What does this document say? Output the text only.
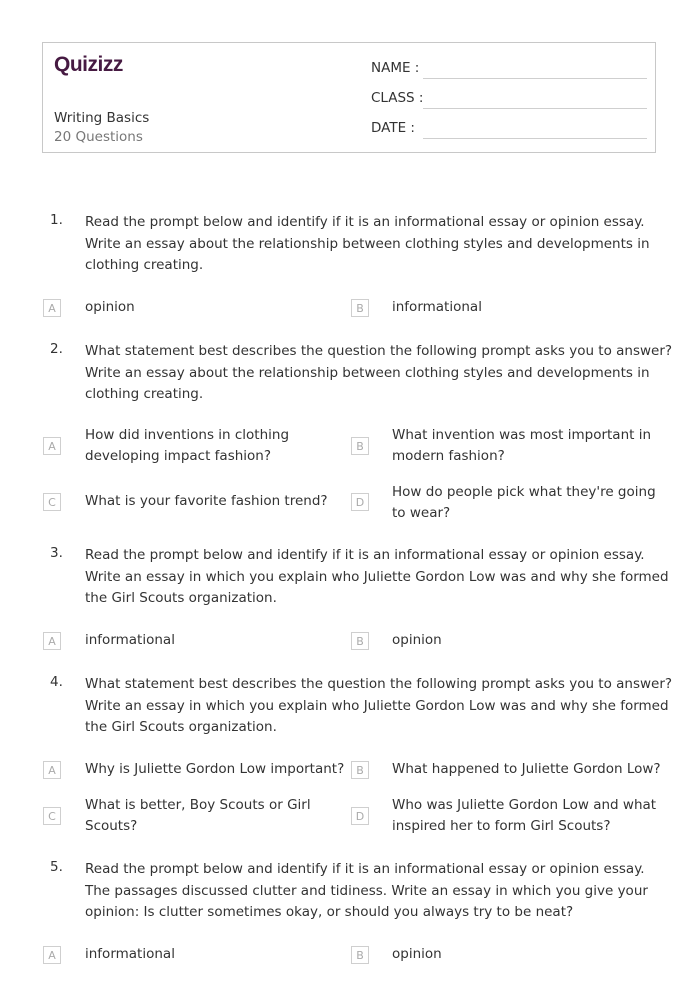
Quizizz
Writing Basics
20 Questions
NAME :
CLASS :
DATE :
1. Read the prompt below and identify if it is an informational essay or opinion essay.
Write an essay about the relationship between clothing styles and developments in
clothing creating.
A	opinion	B	informational
2. What statement best describes the question the following prompt asks you to answer?
Write an essay about the relationship between clothing styles and developments in
clothing creating.
A
How did inventions in clothing
developing impact fashion?
B
What invention was most important in
modern fashion?
C	What is your favorite fashion trend?	D
How do people pick what they're going
to wear?
3. Read the prompt below and identify if it is an informational essay or opinion essay.
Write an essay in which you explain who Juliette Gordon Low was and why she formed
the Girl Scouts organization.
A	informational	B	opinion
4. What statement best describes the question the following prompt asks you to answer?
Write an essay in which you explain who Juliette Gordon Low was and why she formed
the Girl Scouts organization.
A	Why is Juliette Gordon Low important?	B	What happened to Juliette Gordon Low?
C
What is better, Boy Scouts or Girl
Scouts?
D
Who was Juliette Gordon Low and what
inspired her to form Girl Scouts?
5. Read the prompt below and identify if it is an informational essay or opinion essay.
The passages discussed clutter and tidiness. Write an essay in which you give your
opinion: Is clutter sometimes okay, or should you always try to be neat?
A	informational	B	opinion
